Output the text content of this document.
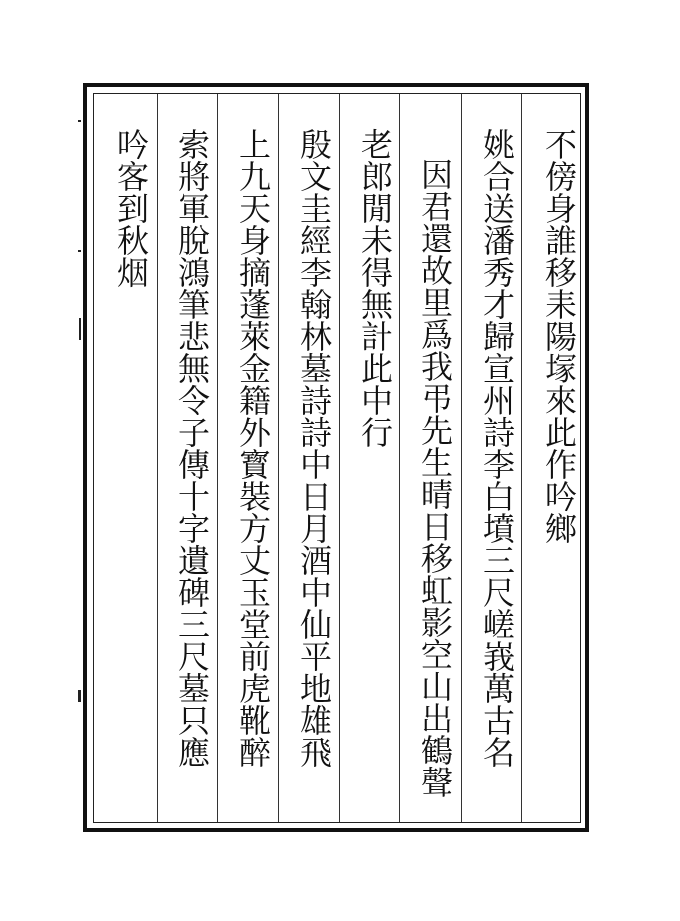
不傍身誰移耒陽塜來此作吟鄉
姚合送潘秀才歸宣州詩李白墳三尺嵯峩萬古名
因君還故里爲我弔先生晴日移虹影空山出鶴聲
老郎閒未得無計此中行
殷文圭經李翰林墓詩詩中日月酒中仙平地雄飛
上九天身摘蓬萊金籍外寳裝方丈玉堂前虎靴醉
索將軍脫鴻筆悲無令子傳十字遺碑三尺墓只應
吟客到秋烟
